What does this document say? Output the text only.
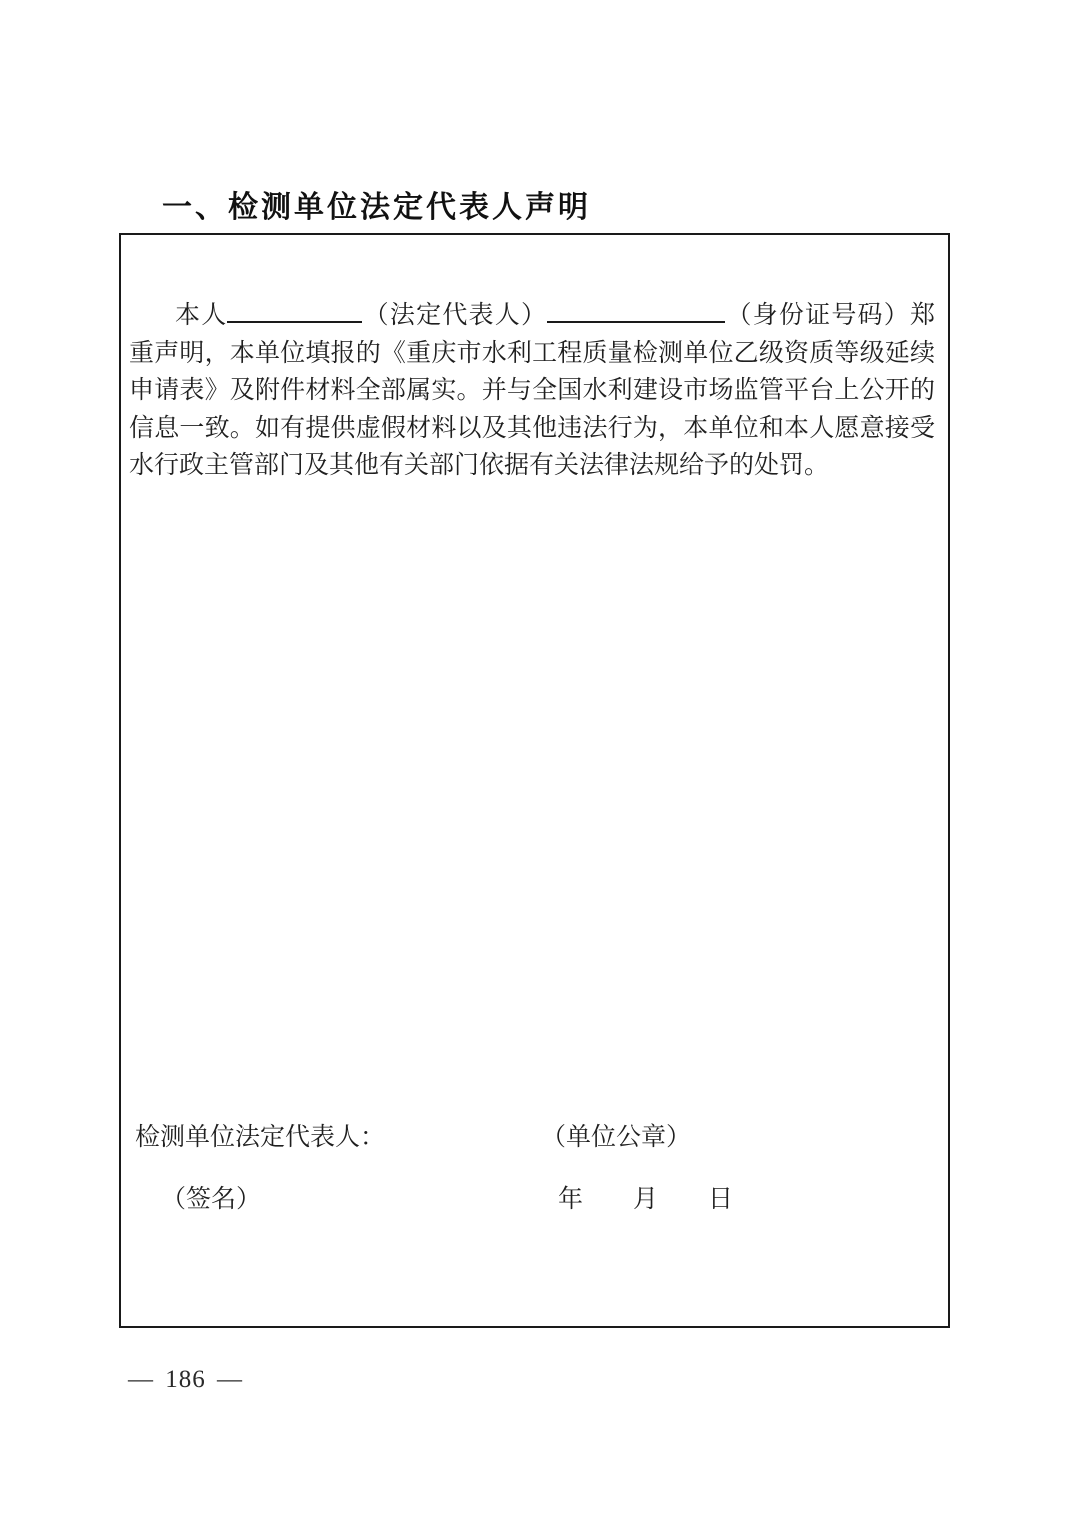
一、检测单位法定代表人声明

本人	（法定代表人）	（身份证号码）郑重声明，本单位填报的《重庆市水利工程质量检测单位乙级资质等级延续申请表》及附件材料全部属实。并与全国水利建设市场监管平台上公开的信息一致。如有提供虚假材料以及其他违法行为，本单位和本人愿意接受水行政主管部门及其他有关部门依据有关法律法规给予的处罚。

检测单位法定代表人：	（单位公章）
（签名）	年 月 日
— 186 —
